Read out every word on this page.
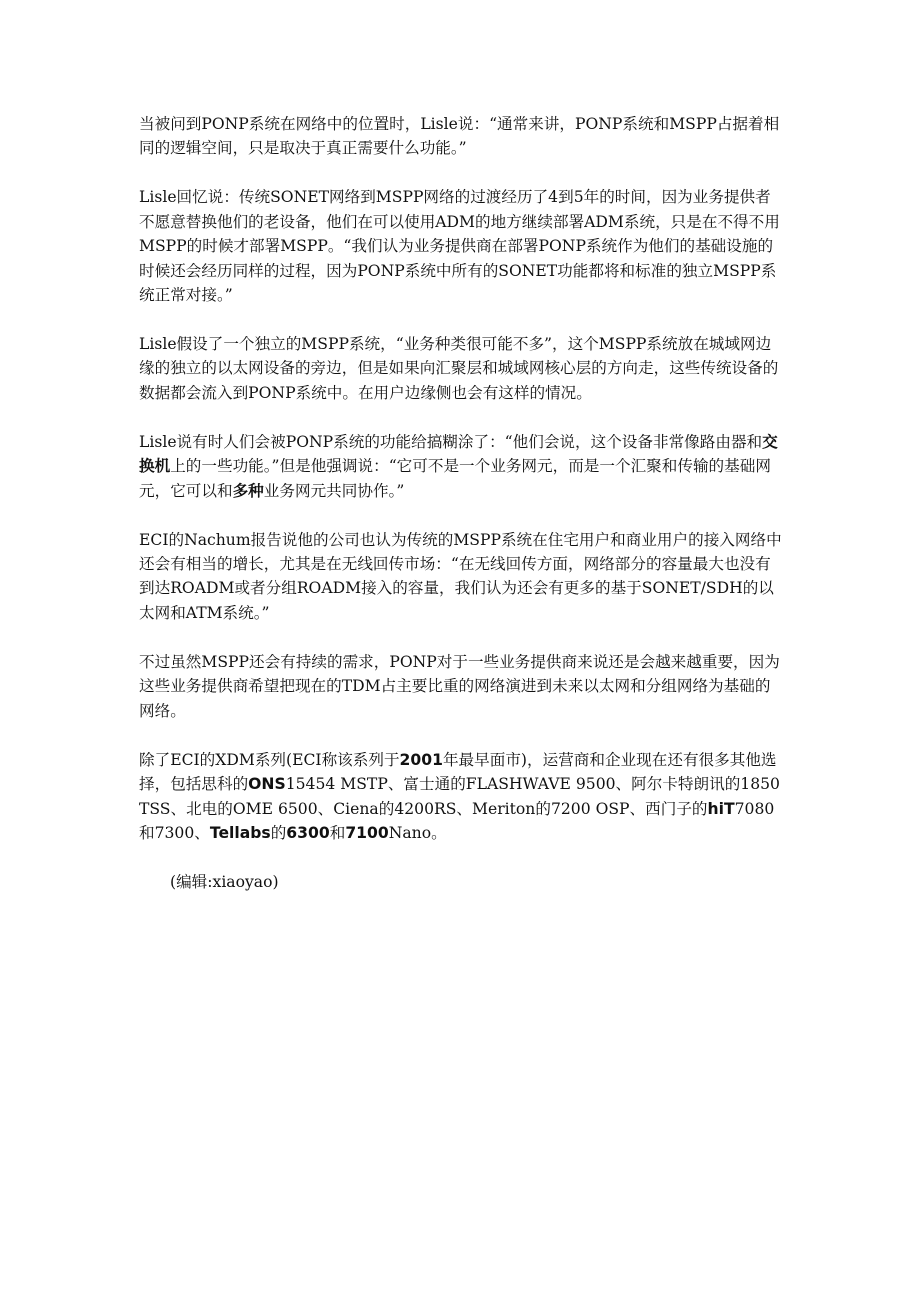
当被问到PONP系统在网络中的位置时，Lisle说：“通常来讲，PONP系统和MSPP占据着相同的逻辑空间，只是取决于真正需要什么功能。”

Lisle回忆说：传统SONET网络到MSPP网络的过渡经历了4到5年的时间，因为业务提供者不愿意替换他们的老设备，他们在可以使用ADM的地方继续部署ADM系统，只是在不得不用MSPP的时候才部署MSPP。“我们认为业务提供商在部署PONP系统作为他们的基础设施的时候还会经历同样的过程，因为PONP系统中所有的SONET功能都将和标准的独立MSPP系统正常对接。”

Lisle假设了一个独立的MSPP系统，“业务种类很可能不多”，这个MSPP系统放在城域网边缘的独立的以太网设备的旁边，但是如果向汇聚层和城域网核心层的方向走，这些传统设备的数据都会流入到PONP系统中。在用户边缘侧也会有这样的情况。

Lisle说有时人们会被PONP系统的功能给搞糊涂了：“他们会说，这个设备非常像路由器和交换机上的一些功能。”但是他强调说：“它可不是一个业务网元，而是一个汇聚和传输的基础网元，它可以和多种业务网元共同协作。”

ECI的Nachum报告说他的公司也认为传统的MSPP系统在住宅用户和商业用户的接入网络中还会有相当的增长，尤其是在无线回传市场：“在无线回传方面，网络部分的容量最大也没有到达ROADM或者分组ROADM接入的容量，我们认为还会有更多的基于SONET/SDH的以太网和ATM系统。”

不过虽然MSPP还会有持续的需求，PONP对于一些业务提供商来说还是会越来越重要，因为这些业务提供商希望把现在的TDM占主要比重的网络演进到未来以太网和分组网络为基础的网络。

除了ECI的XDM系列(ECI称该系列于2001年最早面市)，运营商和企业现在还有很多其他选择，包括思科的ONS15454 MSTP、富士通的FLASHWAVE 9500、阿尔卡特朗讯的1850 TSS、北电的OME 6500、Ciena的4200RS、Meriton的7200 OSP、西门子的hiT7080和7300、Tellabs的6300和7100Nano。

(编辑:xiaoyao)
